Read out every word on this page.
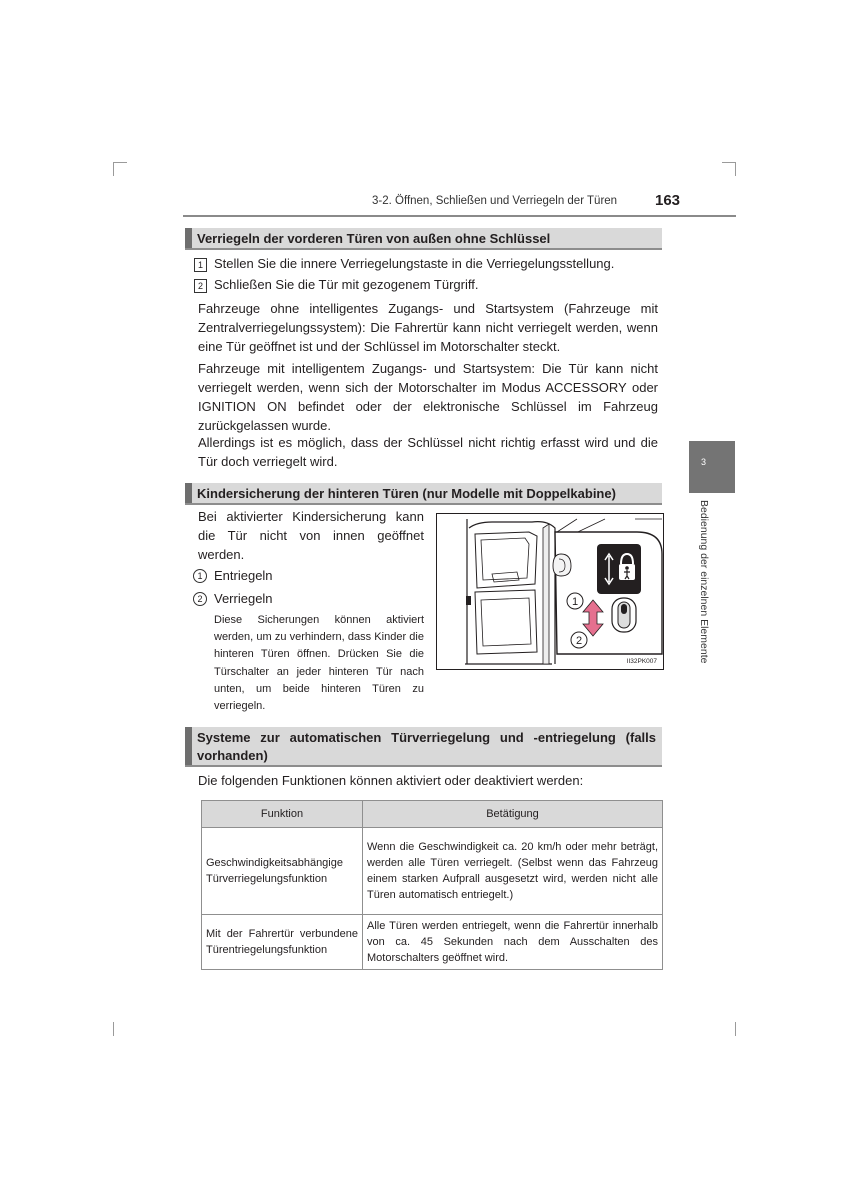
3-2. Öffnen, Schließen und Verriegeln der Türen	163
3
Bedienung der einzelnen Elemente
Verriegeln der vorderen Türen von außen ohne Schlüssel
1 Stellen Sie die innere Verriegelungstaste in die Verriegelungsstellung.
2 Schließen Sie die Tür mit gezogenem Türgriff.
Fahrzeuge ohne intelligentes Zugangs- und Startsystem (Fahrzeuge mit Zentralverriegelungssystem): Die Fahrertür kann nicht verriegelt werden, wenn eine Tür geöffnet ist und der Schlüssel im Motorschalter steckt.
Fahrzeuge mit intelligentem Zugangs- und Startsystem: Die Tür kann nicht verriegelt werden, wenn sich der Motorschalter im Modus ACCESSORY oder IGNITION ON befindet oder der elektronische Schlüssel im Fahrzeug zurückgelassen wurde.
Allerdings ist es möglich, dass der Schlüssel nicht richtig erfasst wird und die Tür doch verriegelt wird.
Kindersicherung der hinteren Türen (nur Modelle mit Doppelkabine)
Bei aktivierter Kindersicherung kann die Tür nicht von innen geöffnet werden.
1 Entriegeln
2 Verriegeln
Diese Sicherungen können aktiviert werden, um zu verhindern, dass Kinder die hinteren Türen öffnen. Drücken Sie die Türschalter an jeder hinteren Tür nach unten, um beide hinteren Türen zu verriegeln.
1
2
II32PK007
Systeme zur automatischen Türverriegelung und -entriegelung (falls vorhanden)
Die folgenden Funktionen können aktiviert oder deaktiviert werden:
Funktion	Betätigung
Geschwindigkeitsabhängige Türverriegelungsfunktion	Wenn die Geschwindigkeit ca. 20 km/h oder mehr beträgt, werden alle Türen verriegelt. (Selbst wenn das Fahrzeug einem starken Aufprall ausgesetzt wird, werden nicht alle Türen automatisch entriegelt.)
Mit der Fahrertür verbundene Türentriegelungsfunktion	Alle Türen werden entriegelt, wenn die Fahrertür innerhalb von ca. 45 Sekunden nach dem Ausschalten des Motorschalters geöffnet wird.
